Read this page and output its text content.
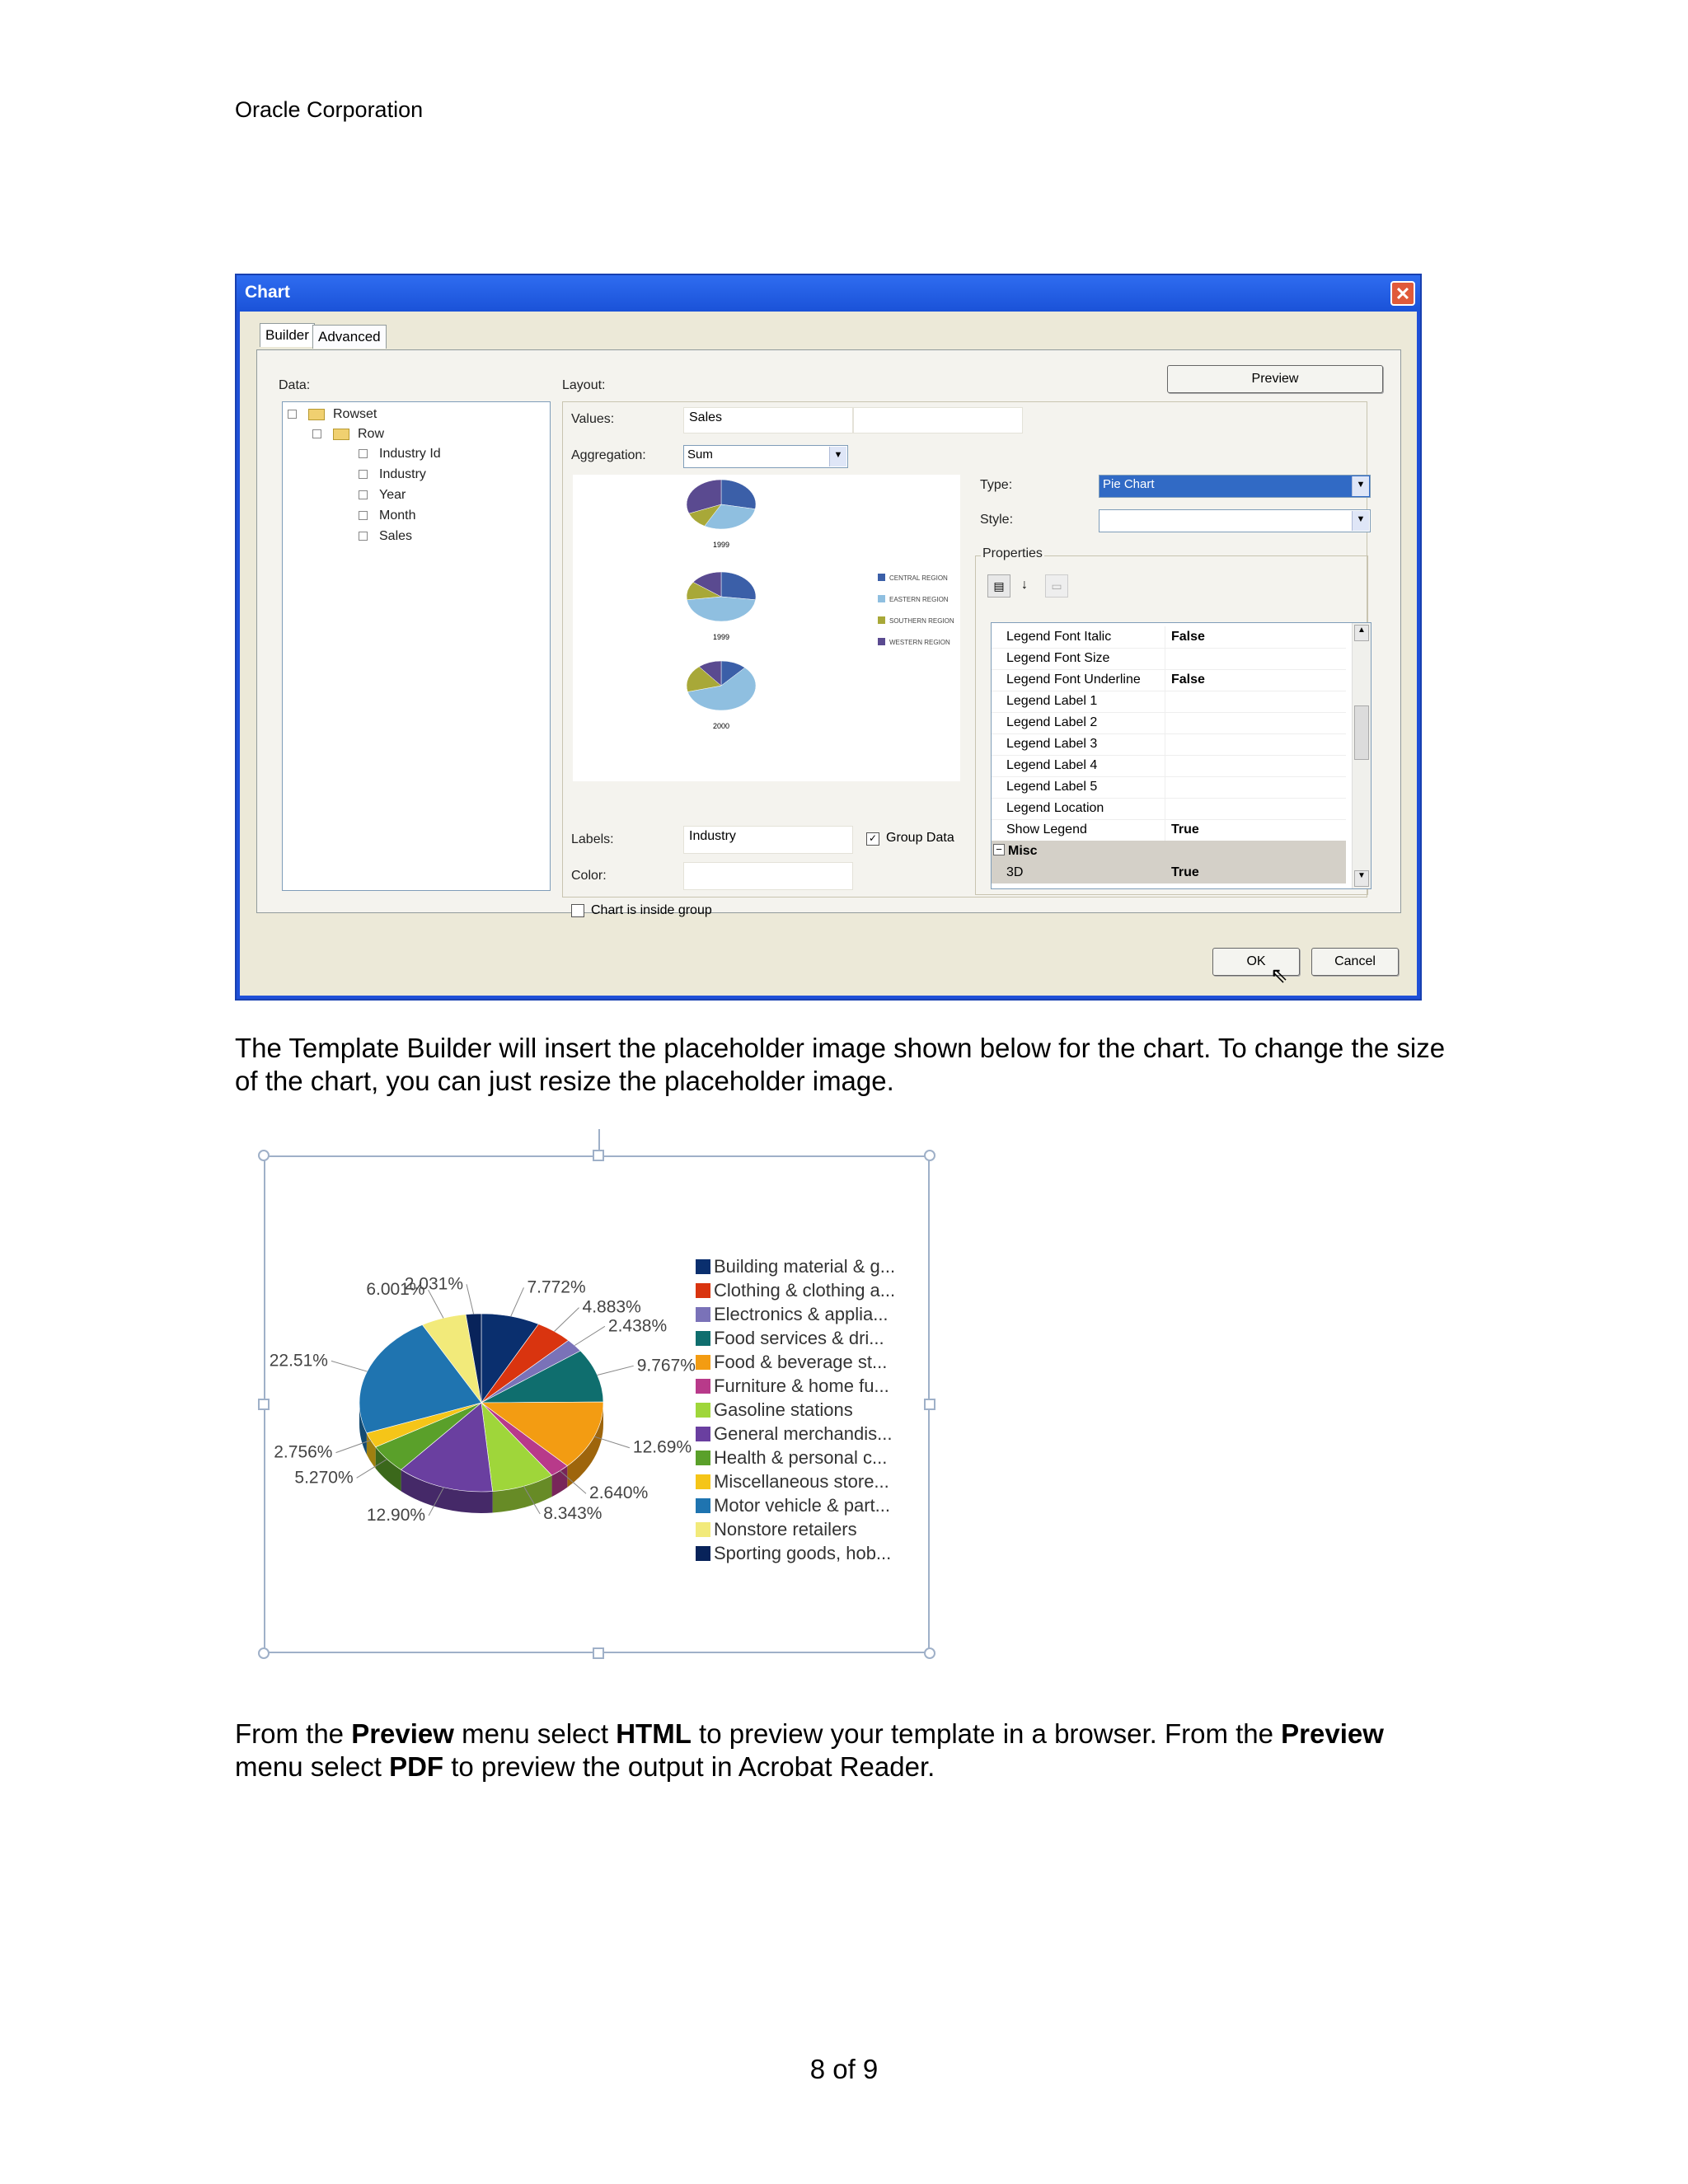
Oracle Corporation
Chart	✕
Builder Advanced
Data:
Rowset
Row
Industry Id
Industry
Year
Month
Sales
Layout:	Preview
Values:	Sales
Aggregation:	Sum	▼
1999
1999
2000
CENTRAL REGION
EASTERN REGION
SOUTHERN REGION
WESTERN REGION
Type:	Pie Chart	▼
Style:	▼
Properties
▤	↓	▭
Legend Font Italic	False
Legend Font Size
Legend Font Underline False
Legend Label 1
Legend Label 2
Legend Label 3
Legend Label 4
Legend Label 5
Legend Location
Show Legend	True
− Misc
3D	True
▲
▼
Labels:	Industry	✓ Group Data
Color:
Chart is inside group
OK	Cancel
⇖
The Template Builder will insert the placeholder image shown below for the chart. To change the size of the chart, you can just resize the placeholder image.
7.772%
4.883%
2.438%
9.767%
12.69%
2.640%
8.343%
12.90%
5.270%
2.756%
22.51%
6.001%
2.031%
Building material & g...
Clothing & clothing a...
Electronics & applia...
Food services & dri...
Food & beverage st...
Furniture & home fu...
Gasoline stations
General merchandis...
Health & personal c...
Miscellaneous store...
Motor vehicle & part...
Nonstore retailers
Sporting goods, hob...
From the Preview menu select HTML to preview your template in a browser. From the Preview menu select PDF to preview the output in Acrobat Reader.
8 of 9
